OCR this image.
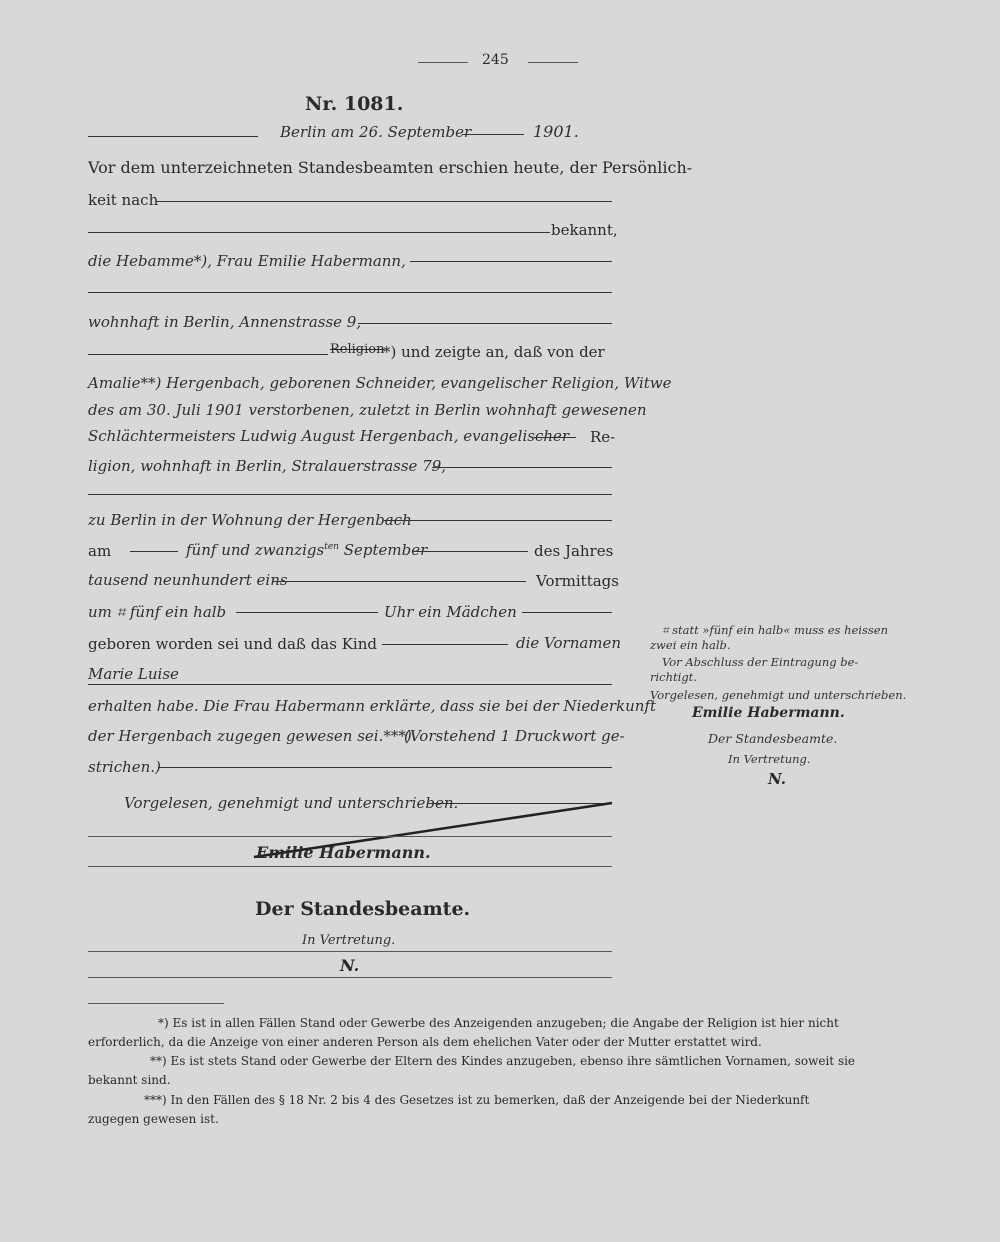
245
Nr. 1081.
Berlin am 26. September	1901.
Vor dem unterzeichneten Standesbeamten erschien heute, der Persönlich-
keit nach
bekannt,
die Hebamme*), Frau Emilie Habermann,
wohnhaft in Berlin, Annenstrasse 9,
Religion
*) und zeigte an, daß von der
Amalie**) Hergenbach, geborenen Schneider, evangelischer Religion, Witwe
des am 30. Juli 1901 verstorbenen, zuletzt in Berlin wohnhaft gewesenen
Schlächtermeisters Ludwig August Hergenbach, evangelischer Re-
ligion, wohnhaft in Berlin, Stralauerstrasse 79,
zu Berlin in der Wohnung der Hergenbach
am	fünf und zwanzigs$^{ten}$ September	des Jahres
tausend neunhundert eins	Vormittags
um ⌗ fünf ein halb	Uhr ein Mädchen
geboren worden sei und daß das Kind	die Vornamen
Marie Luise
erhalten habe. Die Frau Habermann erklärte, dass sie bei der Niederkunft
der Hergenbach zugegen gewesen sei.***)
(Vorstehend 1 Druckwort ge-
strichen.)
Vorgelesen, genehmigt und unterschrieben.
Emilie Habermann.
Der Standesbeamte.
In Vertretung.
N.
⌗ statt »fünf ein halb« muss es heissen
zwei ein halb.
Vor Abschluss der Eintragung be-
richtigt.
Vorgelesen, genehmigt und unterschrieben.
Emilie Habermann.
Der Standesbeamte.
In Vertretung.
N.
*) Es ist in allen Fällen Stand oder Gewerbe des Anzeigenden anzugeben; die Angabe der Religion ist hier nicht
erforderlich, da die Anzeige von einer anderen Person als dem ehelichen Vater oder der Mutter erstattet wird.
**) Es ist stets Stand oder Gewerbe der Eltern des Kindes anzugeben, ebenso ihre sämtlichen Vornamen, soweit sie
bekannt sind.
***) In den Fällen des § 18 Nr. 2 bis 4 des Gesetzes ist zu bemerken, daß der Anzeigende bei der Niederkunft
zugegen gewesen ist.
